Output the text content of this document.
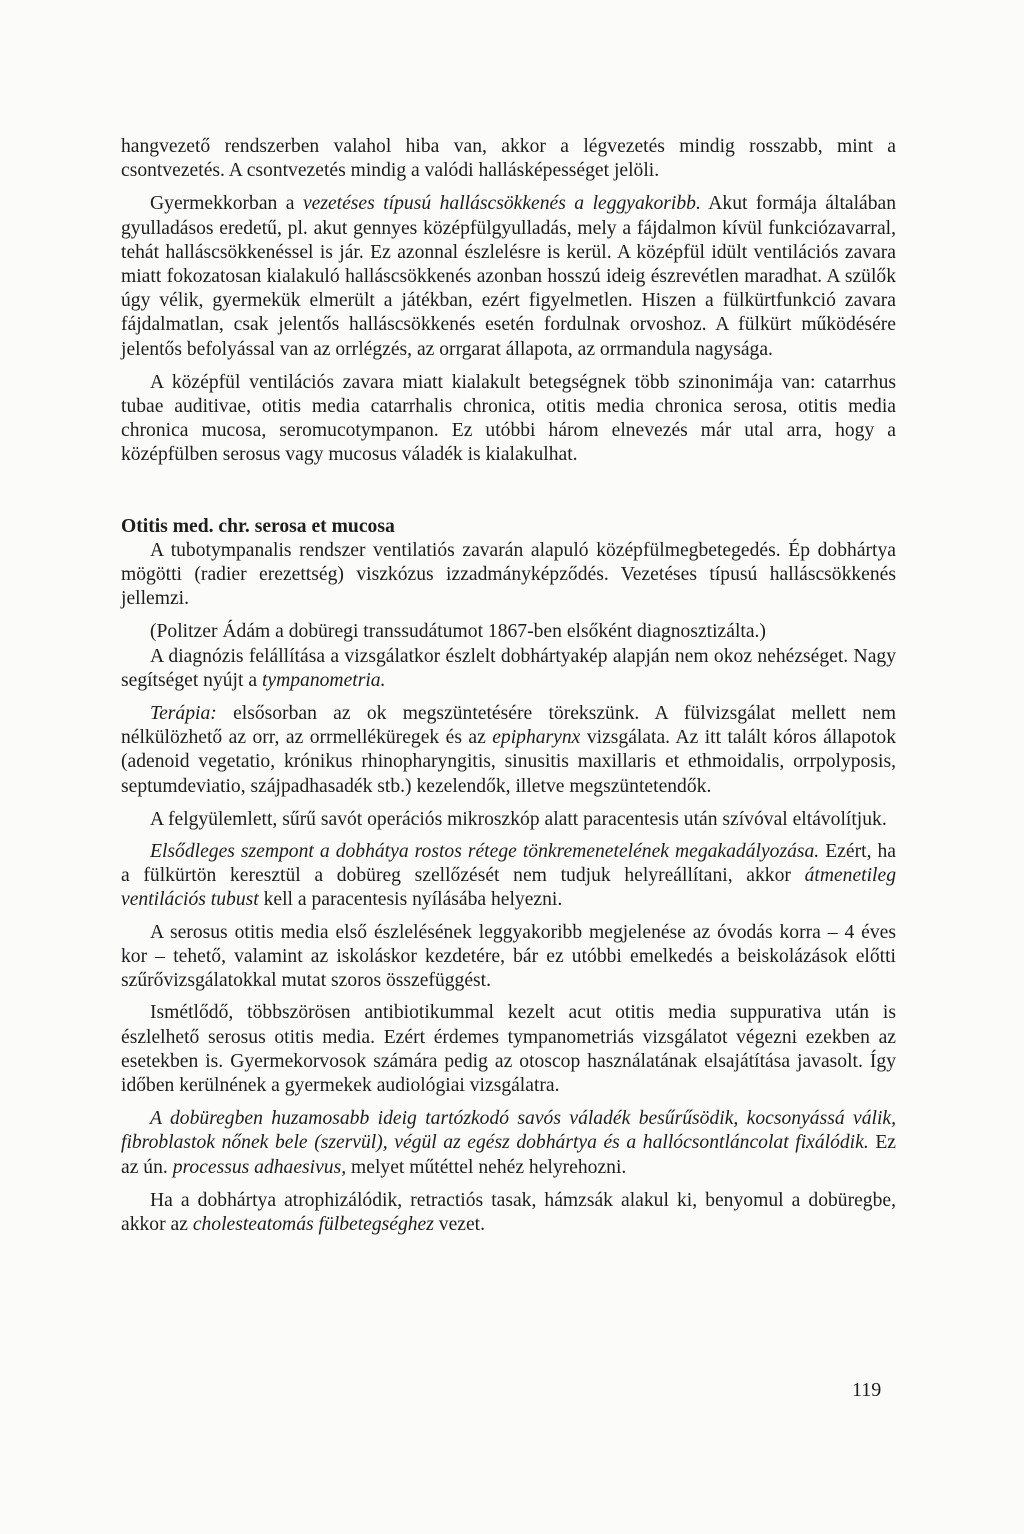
hangvezető rendszerben valahol hiba van, akkor a légvezetés mindig rosszabb, mint a csontvezetés. A csontvezetés mindig a valódi hallásképességet jelöli.

Gyermekkorban a vezetéses típusú halláscsökkenés a leggyakoribb. Akut formája általában gyulladásos eredetű, pl. akut gennyes középfülgyulladás, mely a fájdalmon kívül funkciózavarral, tehát halláscsökkenéssel is jár. Ez azonnal észlelésre is kerül. A középfül idült ventilációs zavara miatt fokozatosan kialakuló halláscsökkenés azonban hosszú ideig észrevétlen maradhat. A szülők úgy vélik, gyermekük elmerült a játékban, ezért figyelmetlen. Hiszen a fülkürtfunkció zavara fájdalmatlan, csak jelentős halláscsökkenés esetén fordulnak orvoshoz. A fülkürt működésére jelentős befolyással van az orrlégzés, az orrgarat állapota, az orrmandula nagysága.

A középfül ventilációs zavara miatt kialakult betegségnek több szinonimája van: catarrhus tubae auditivae, otitis media catarrhalis chronica, otitis media chronica serosa, otitis media chronica mucosa, seromucotympanon. Ez utóbbi három elnevezés már utal arra, hogy a középfülben serosus vagy mucosus váladék is kialakulhat.

Otitis med. chr. serosa et mucosa

A tubotympanalis rendszer ventilatiós zavarán alapuló középfülmegbetegedés. Ép dobhártya mögötti (radier erezettség) viszkózus izzadmányképződés. Vezetéses típusú halláscsökkenés jellemzi.

(Politzer Ádám a dobüregi transsudátumot 1867-ben elsőként diagnosztizálta.)

A diagnózis felállítása a vizsgálatkor észlelt dobhártyakép alapján nem okoz nehézséget. Nagy segítséget nyújt a tympanometria.

Terápia: elsősorban az ok megszüntetésére törekszünk. A fülvizsgálat mellett nem nélkülözhető az orr, az orrmelléküregek és az epipharynx vizsgálata. Az itt talált kóros állapotok (adenoid vegetatio, krónikus rhinopharyngitis, sinusitis maxillaris et ethmoidalis, orrpolyposis, septumdeviatio, szájpadhasadék stb.) kezelendők, illetve megszüntetendők.

A felgyülemlett, sűrű savót operációs mikroszkóp alatt paracentesis után szívóval eltávolítjuk.

Elsődleges szempont a dobhátya rostos rétege tönkremenetelének megakadályozása. Ezért, ha a fülkürtön keresztül a dobüreg szellőzését nem tudjuk helyreállítani, akkor átmenetileg ventilációs tubust kell a paracentesis nyílásába helyezni.

A serosus otitis media első észlelésének leggyakoribb megjelenése az óvodás korra – 4 éves kor – tehető, valamint az iskoláskor kezdetére, bár ez utóbbi emelkedés a beiskolázások előtti szűrővizsgálatokkal mutat szoros összefüggést.

Ismétlődő, többszörösen antibiotikummal kezelt acut otitis media suppurativa után is észlelhető serosus otitis media. Ezért érdemes tympanometriás vizsgálatot végezni ezekben az esetekben is. Gyermekorvosok számára pedig az otoscop használatának elsajátítása javasolt. Így időben kerülnének a gyermekek audiológiai vizsgálatra.

A dobüregben huzamosabb ideig tartózkodó savós váladék besűrűsödik, kocsonyássá válik, fibroblastok nőnek bele (szervül), végül az egész dobhártya és a hallócsontláncolat fixálódik. Ez az ún. processus adhaesivus, melyet műtéttel nehéz helyrehozni.

Ha a dobhártya atrophizálódik, retractiós tasak, hámzsák alakul ki, benyomul a dobüregbe, akkor az cholesteatomás fülbetegséghez vezet.

119
